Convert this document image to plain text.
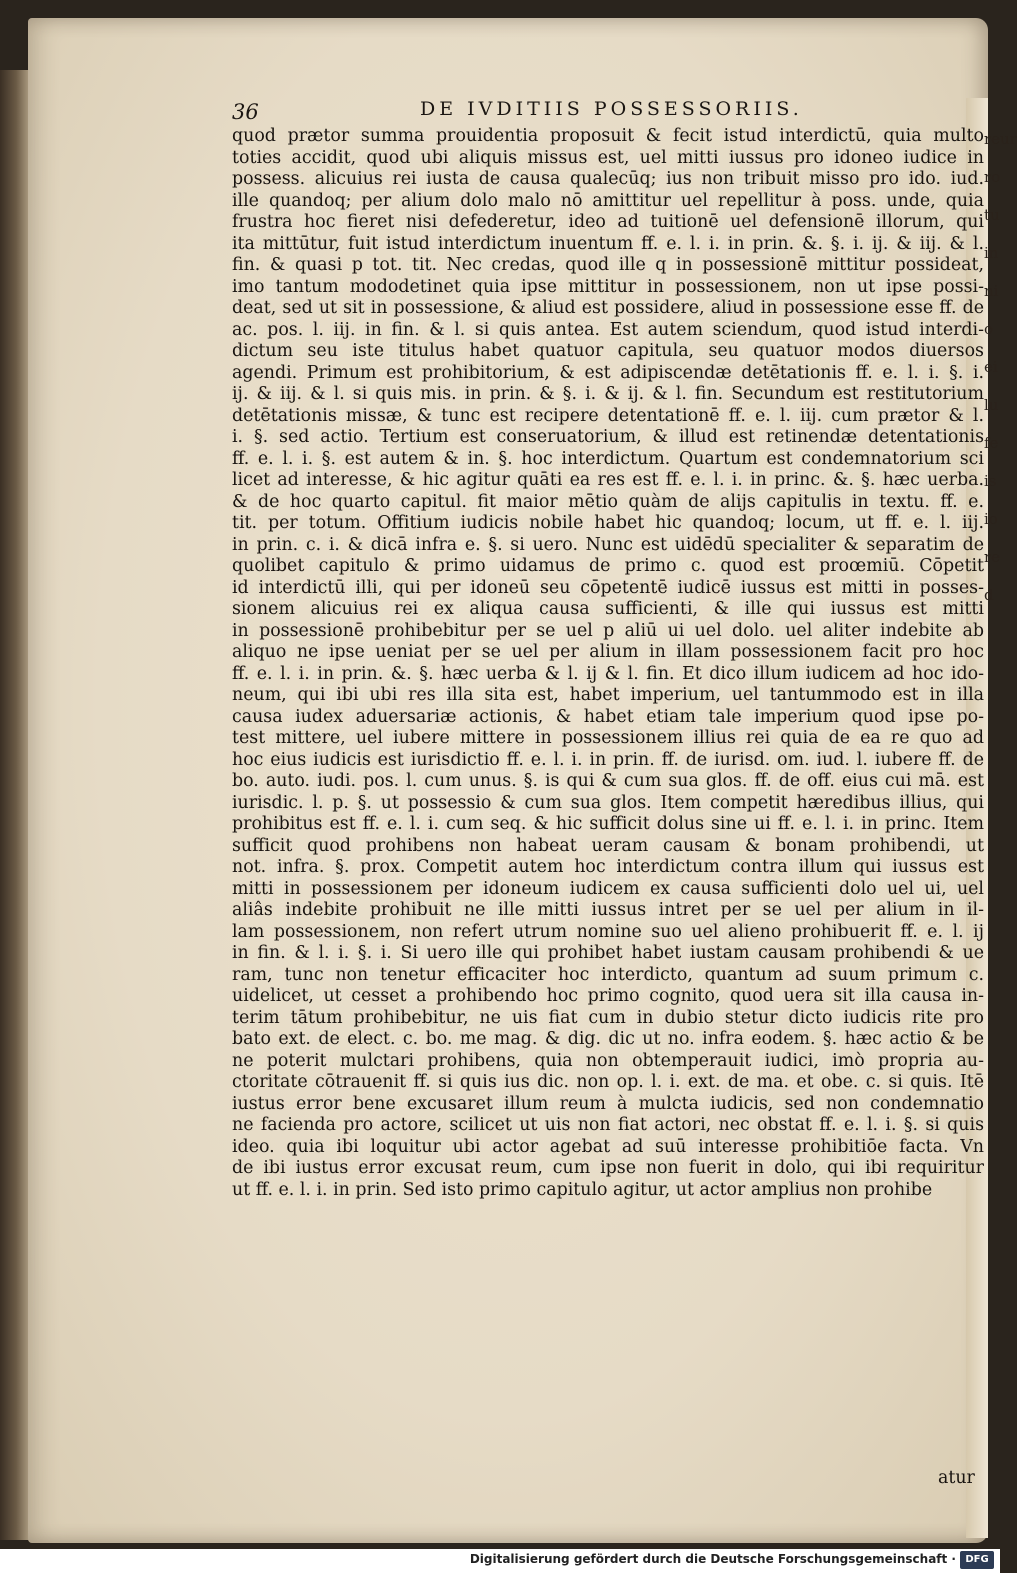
36	DE IVDITIIS POSSESSORIIS.
quod prætor summa prouidentia proposuit & fecit istud interdictū, quia multo
toties accidit, quod ubi aliquis missus est, uel mitti iussus pro idoneo iudice in
possess. alicuius rei iusta de causa qualecūq; ius non tribuit misso pro ido. iud.
ille quandoq; per alium dolo malo nō amittitur uel repellitur à poss. unde, quia
frustra hoc fieret nisi defederetur, ideo ad tuitionē uel defensionē illorum, qui
ita mittūtur, fuit istud interdictum inuentum ff. e. l. i. in prin. &. §. i. ij. & iij. & l.
fin. & quasi p tot. tit. Nec credas, quod ille q in possessionē mittitur possideat,
imo tantum mododetinet quia ipse mittitur in possessionem, non ut ipse possi-
deat, sed ut sit in possessione, & aliud est possidere, aliud in possessione esse ff. de
ac. pos. l. iij. in fin. & l. si quis antea. Est autem sciendum, quod istud interdi-
dictum seu iste titulus habet quatuor capitula, seu quatuor modos diuersos
agendi. Primum est prohibitorium, & est adipiscendæ detētationis ff. e. l. i. §. i.
ij. & iij. & l. si quis mis. in prin. & §. i. & ij. & l. fin. Secundum est restitutorium
detētationis missæ, & tunc est recipere detentationē ff. e. l. iij. cum prætor & l.
i. §. sed actio. Tertium est conseruatorium, & illud est retinendæ detentationis
ff. e. l. i. §. est autem & in. §. hoc interdictum. Quartum est condemnatorium sci
licet ad interesse, & hic agitur quāti ea res est ff. e. l. i. in princ. &. §. hæc uerba.
& de hoc quarto capitul. fit maior mētio quàm de alijs capitulis in textu. ff. e.
tit. per totum. Offitium iudicis nobile habet hic quandoq; locum, ut ff. e. l. iij.
in prin. c. i. & dicā infra e. §. si uero. Nunc est uidēdū specialiter & separatim de
quolibet capitulo & primo uidamus de primo c. quod est proœmiū. Cōpetit
id interdictū illi, qui per idoneū seu cōpetentē iudicē iussus est mitti in posses-
sionem alicuius rei ex aliqua causa sufficienti, & ille qui iussus est mitti
in possessionē prohibebitur per se uel p aliū ui uel dolo. uel aliter indebite ab
aliquo ne ipse ueniat per se uel per alium in illam possessionem facit pro hoc
ff. e. l. i. in prin. &. §. hæc uerba & l. ij & l. fin. Et dico illum iudicem ad hoc ido-
neum, qui ibi ubi res illa sita est, habet imperium, uel tantummodo est in illa
causa iudex aduersariæ actionis, & habet etiam tale imperium quod ipse po-
test mittere, uel iubere mittere in possessionem illius rei quia de ea re quo ad
hoc eius iudicis est iurisdictio ff. e. l. i. in prin. ff. de iurisd. om. iud. l. iubere ff. de
bo. auto. iudi. pos. l. cum unus. §. is qui & cum sua glos. ff. de off. eius cui mā. est
iurisdic. l. p. §. ut possessio & cum sua glos. Item competit hæredibus illius, qui
prohibitus est ff. e. l. i. cum seq. & hic sufficit dolus sine ui ff. e. l. i. in princ. Item
sufficit quod prohibens non habeat ueram causam & bonam prohibendi, ut
not. infra. §. prox. Competit autem hoc interdictum contra illum qui iussus est
mitti in possessionem per idoneum iudicem ex causa sufficienti dolo uel ui, uel
aliâs indebite prohibuit ne ille mitti iussus intret per se uel per alium in il-
lam possessionem, non refert utrum nomine suo uel alieno prohibuerit ff. e. l. ij
in fin. & l. i. §. i. Si uero ille qui prohibet habet iustam causam prohibendi & ue
ram, tunc non tenetur efficaciter hoc interdicto, quantum ad suum primum c.
uidelicet, ut cesset a prohibendo hoc primo cognito, quod uera sit illa causa in-
terim tātum prohibebitur, ne uis fiat cum in dubio stetur dicto iudicis rite pro
bato ext. de elect. c. bo. me mag. & dig. dic ut no. infra eodem. §. hæc actio & be
ne poterit mulctari prohibens, quia non obtemperauit iudici, imò propria au-
ctoritate cōtrauenit ff. si quis ius dic. non op. l. i. ext. de ma. et obe. c. si quis. Itē
iustus error bene excusaret illum reum à mulcta iudicis, sed non condemnatio
ne facienda pro actore, scilicet ut uis non fiat actori, nec obstat ff. e. l. i. §. si quis
ideo. quia ibi loquitur ubi actor agebat ad suū interesse prohibitiōe facta. Vn
de ibi iustus error excusat reum, cum ipse non fuerit in dolo, qui ibi requiritur
ut ff. e. l. i. in prin. Sed isto primo capitulo agitur, ut actor amplius non prohibe
atur
reur ro tu in ni o ei lu fe is io re d
Digitalisierung gefördert durch die Deutsche Forschungsgemeinschaft · DFG
